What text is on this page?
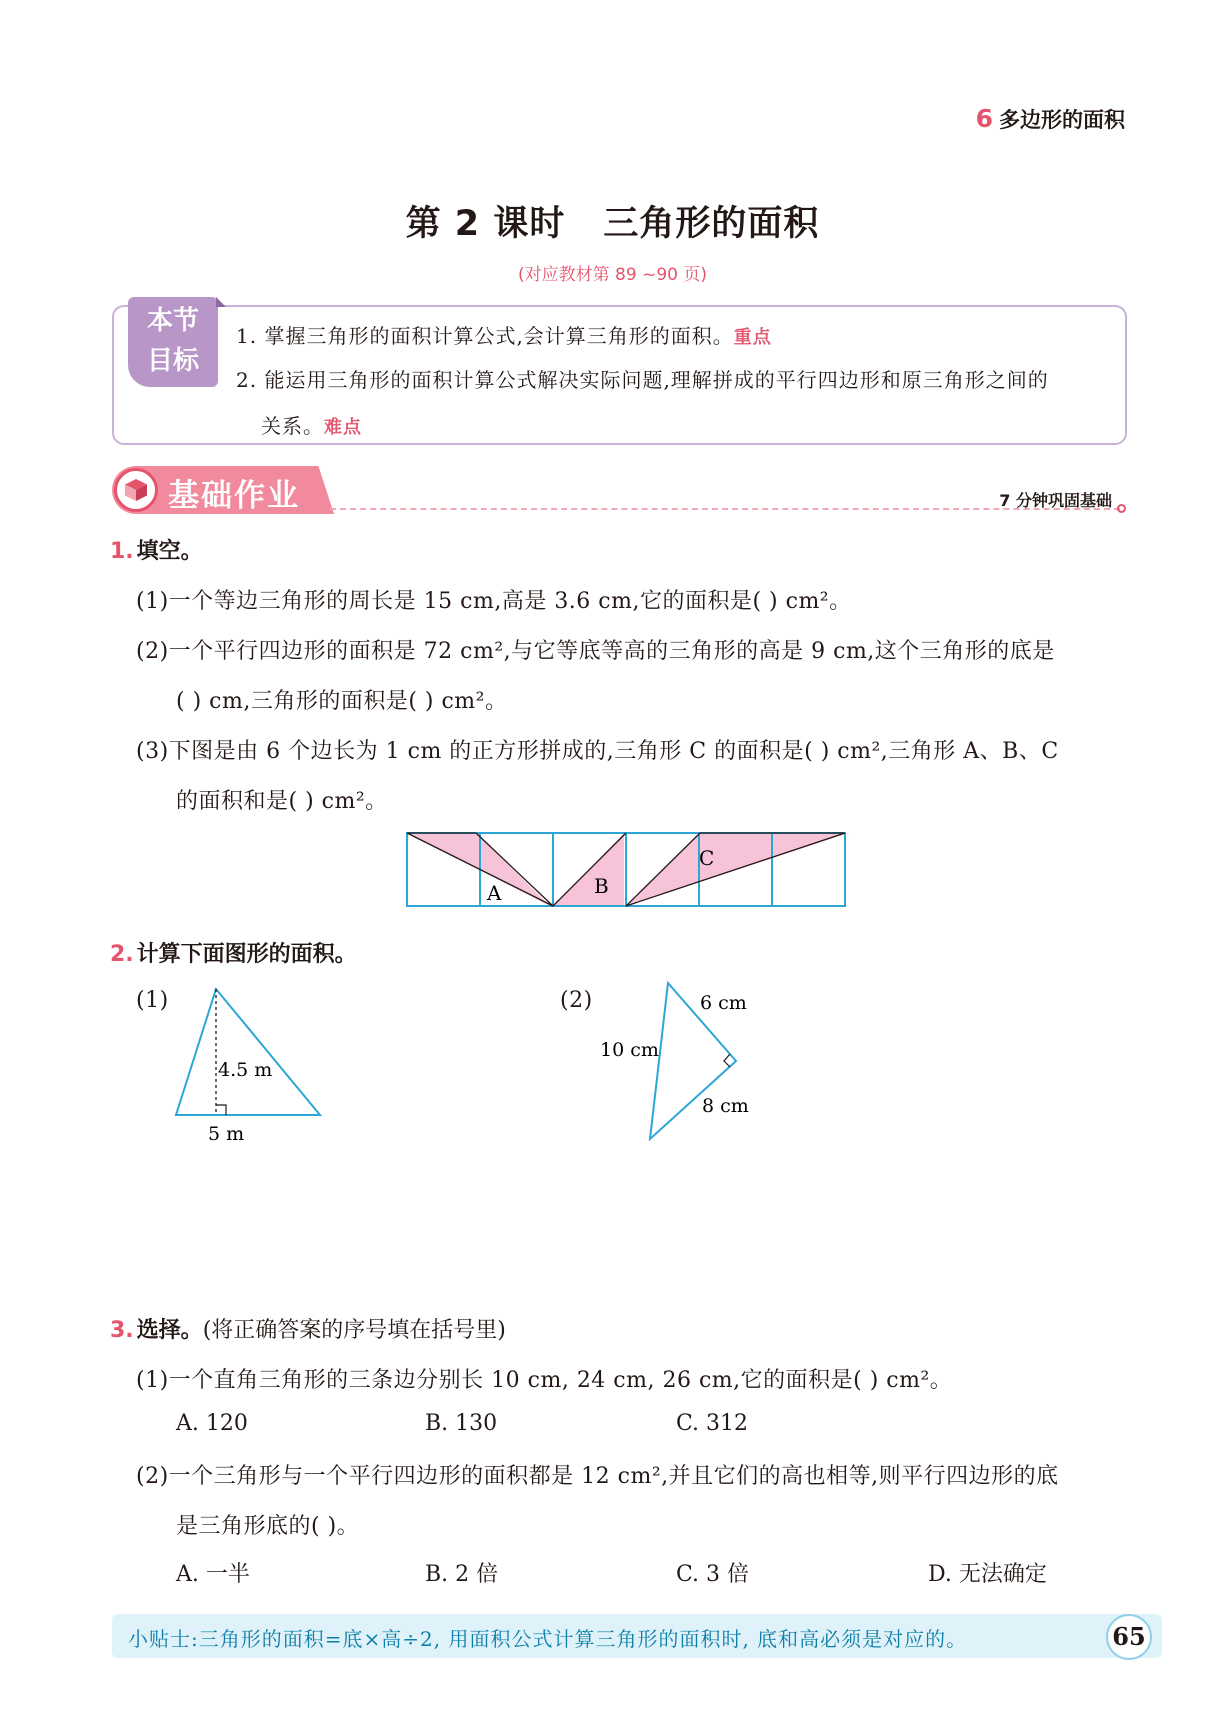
6 多边形的面积
第 2 课时 三角形的面积
(对应教材第 89 ~90 页)
本节
目标
1. 掌握三角形的面积计算公式,会计算三角形的面积。重点
2. 能运用三角形的面积计算公式解决实际问题,理解拼成的平行四边形和原三角形之间的
关系。难点
基础作业	7 分钟巩固基础
1. 填空。
(1)一个等边三角形的周长是 15 cm,高是 3.6 cm,它的面积是( ) cm²。
(2)一个平行四边形的面积是 72 cm²,与它等底等高的三角形的高是 9 cm,这个三角形的底是
( ) cm,三角形的面积是( ) cm²。
(3)下图是由 6 个边长为 1 cm 的正方形拼成的,三角形 C 的面积是( ) cm²,三角形 A、B、C
的面积和是( ) cm²。
A	B
C
2. 计算下面图形的面积。
(1)
4.5 m
5 m
(2)	6 cm
10 cm
8 cm
3. 选择。(将正确答案的序号填在括号里)
(1)一个直角三角形的三条边分别长 10 cm, 24 cm, 26 cm,它的面积是( ) cm²。
A. 120	B. 130	C. 312
(2)一个三角形与一个平行四边形的面积都是 12 cm²,并且它们的高也相等,则平行四边形的底
是三角形底的( )。
A. 一半	B. 2 倍	C. 3 倍	D. 无法确定
小贴士:三角形的面积=底×高÷2, 用面积公式计算三角形的面积时, 底和高必须是对应的。	65
